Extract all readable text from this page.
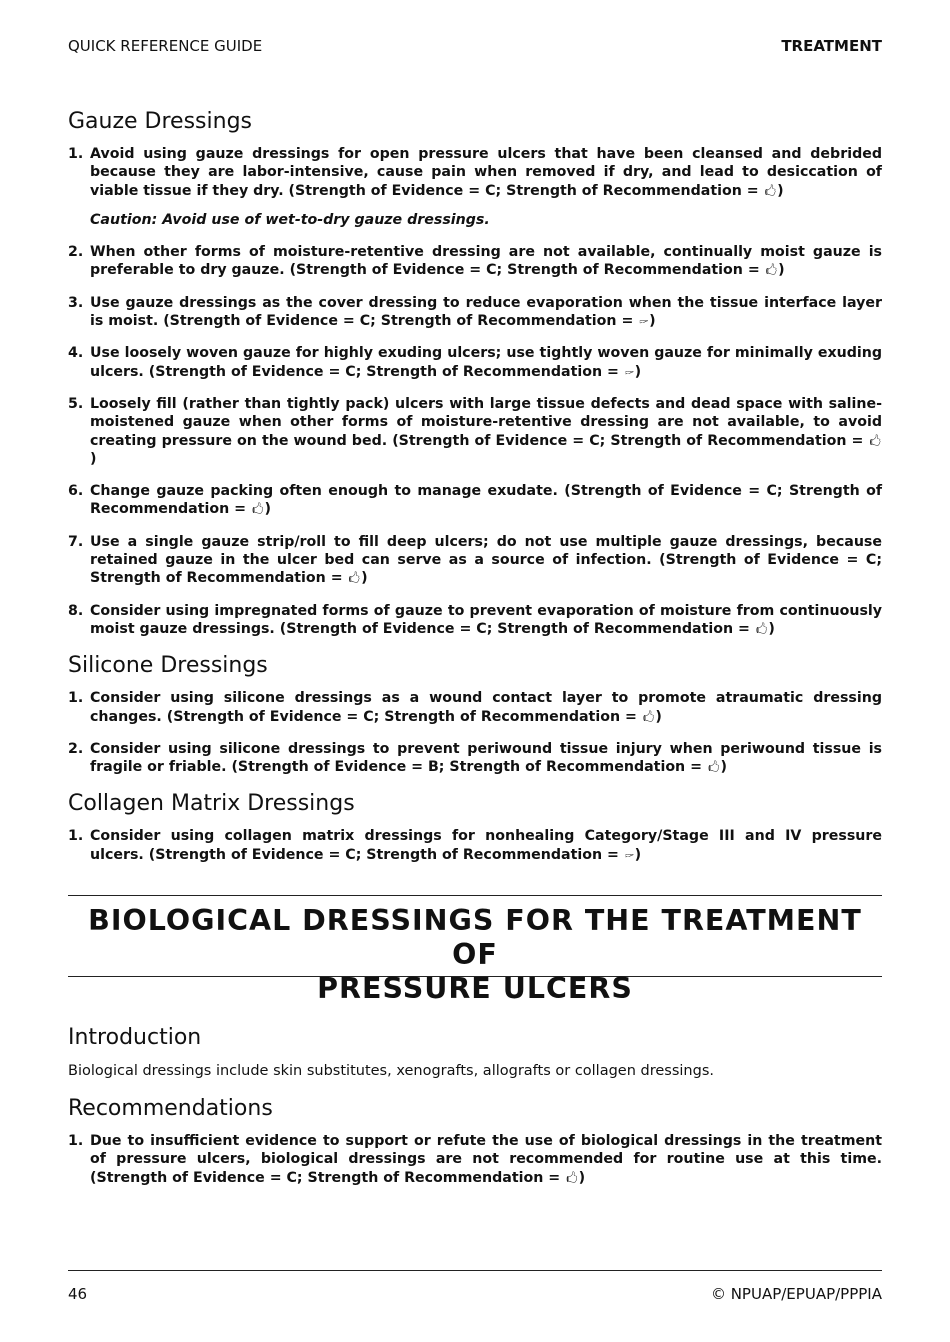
QUICK REFERENCE GUIDE	TREATMENT
Gauze Dressings
1. Avoid using gauze dressings for open pressure ulcers that have been cleansed and debrided because they are labor-intensive, cause pain when removed if dry, and lead to desiccation of viable tissue if they dry. (Strength of Evidence = C; Strength of Recommendation = 🖒)
Caution: Avoid use of wet-to-dry gauze dressings.
2. When other forms of moisture-retentive dressing are not available, continually moist gauze is preferable to dry gauze. (Strength of Evidence = C; Strength of Recommendation = 🖒)
3. Use gauze dressings as the cover dressing to reduce evaporation when the tissue interface layer is moist. (Strength of Evidence = C; Strength of Recommendation = 🖙)
4. Use loosely woven gauze for highly exuding ulcers; use tightly woven gauze for minimally exuding ulcers. (Strength of Evidence = C; Strength of Recommendation = 🖙)
5. Loosely fill (rather than tightly pack) ulcers with large tissue defects and dead space with saline-moistened gauze when other forms of moisture-retentive dressing are not available, to avoid creating pressure on the wound bed. (Strength of Evidence = C; Strength of Recommendation = 🖒)
6. Change gauze packing often enough to manage exudate. (Strength of Evidence = C; Strength of Recommendation = 🖒)
7. Use a single gauze strip/roll to fill deep ulcers; do not use multiple gauze dressings, because retained gauze in the ulcer bed can serve as a source of infection. (Strength of Evidence = C; Strength of Recommendation = 🖒)
8. Consider using impregnated forms of gauze to prevent evaporation of moisture from continuously moist gauze dressings. (Strength of Evidence = C; Strength of Recommendation = 🖒)
Silicone Dressings
1. Consider using silicone dressings as a wound contact layer to promote atraumatic dressing changes. (Strength of Evidence = C; Strength of Recommendation = 🖒)
2. Consider using silicone dressings to prevent periwound tissue injury when periwound tissue is fragile or friable. (Strength of Evidence = B; Strength of Recommendation = 🖒)
Collagen Matrix Dressings
1. Consider using collagen matrix dressings for nonhealing Category/Stage III and IV pressure ulcers. (Strength of Evidence = C; Strength of Recommendation = 🖙)
BIOLOGICAL DRESSINGS FOR THE TREATMENT OF
PRESSURE ULCERS
Introduction

Biological dressings include skin substitutes, xenografts, allografts or collagen dressings.

Recommendations
1. Due to insufficient evidence to support or refute the use of biological dressings in the treatment of pressure ulcers, biological dressings are not recommended for routine use at this time. (Strength of Evidence = C; Strength of Recommendation = 🖒)
46	© NPUAP/EPUAP/PPPIA
